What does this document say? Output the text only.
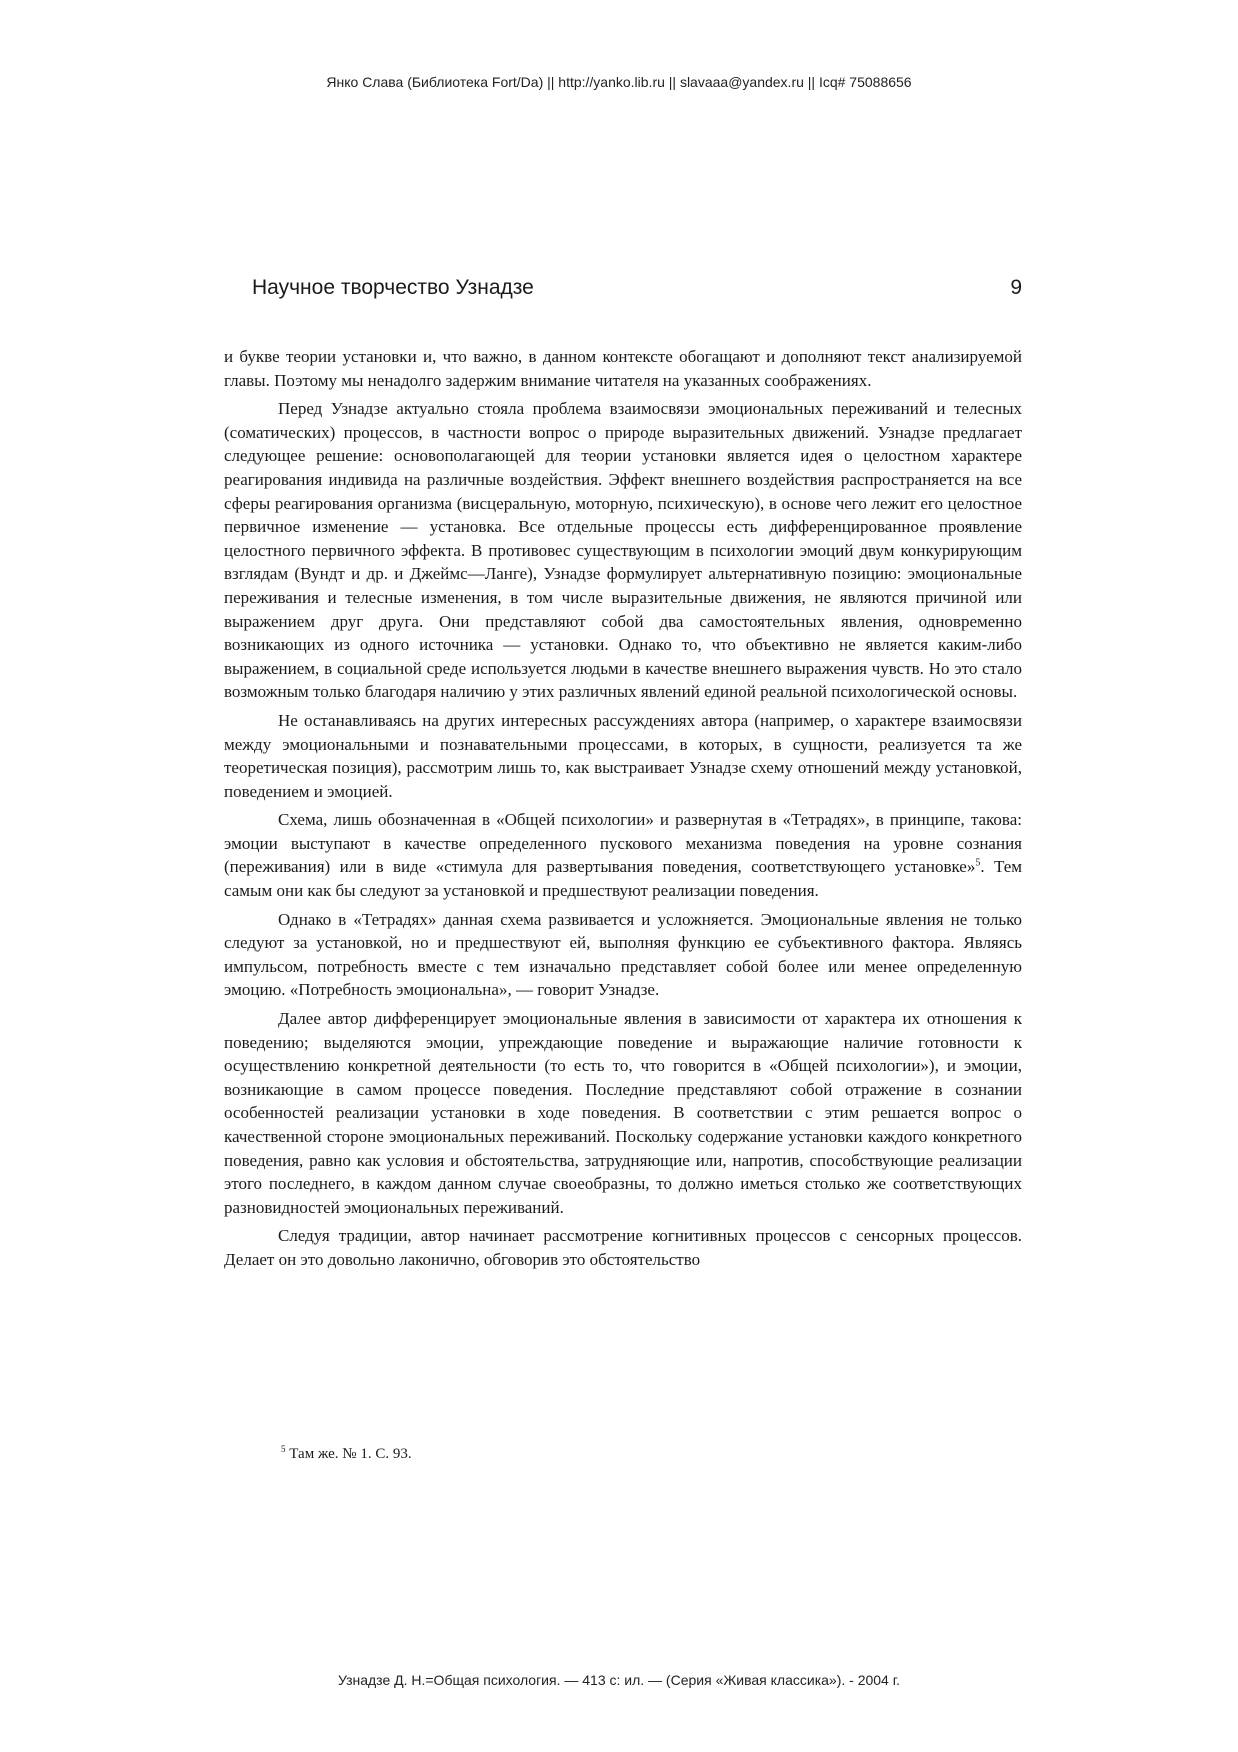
Янко Слава (Библиотека Fort/Da) || http://yanko.lib.ru || slavaaa@yandex.ru || Icq# 75088656
Научное творчество Узнадзе	9

и букве теории установки и, что важно, в данном контексте обогащают и дополняют текст анализируемой главы. Поэтому мы ненадолго задержим внимание читателя на указанных соображениях.

Перед Узнадзе актуально стояла проблема взаимосвязи эмоциональных переживаний и телесных (соматических) процессов, в частности вопрос о природе выразительных движений. Узнадзе предлагает следующее решение: основополагающей для теории установки является идея о целостном характере реагирования индивида на различные воздействия. Эффект внешнего воздействия распространяется на все сферы реагирования организма (висцеральную, моторную, психическую), в основе чего лежит его целостное первичное изменение — установка. Все отдельные процессы есть дифференцированное проявление целостного первичного эффекта. В противовес существующим в психологии эмоций двум конкурирующим взглядам (Вундт и др. и Джеймс—Ланге), Узнадзе формулирует альтернативную позицию: эмоциональные переживания и телесные изменения, в том числе выразительные движения, не являются причиной или выражением друг друга. Они представляют собой два самостоятельных явления, одновременно возникающих из одного источника — установки. Однако то, что объективно не является каким-либо выражением, в социальной среде используется людьми в качестве внешнего выражения чувств. Но это стало возможным только благодаря наличию у этих различных явлений единой реальной психологической основы.

Не останавливаясь на других интересных рассуждениях автора (например, о характере взаимосвязи между эмоциональными и познавательными процессами, в которых, в сущности, реализуется та же теоретическая позиция), рассмотрим лишь то, как выстраивает Узнадзе схему отношений между установкой, поведением и эмоцией.

Схема, лишь обозначенная в «Общей психологии» и развернутая в «Тетрадях», в принципе, такова: эмоции выступают в качестве определенного пускового механизма поведения на уровне сознания (переживания) или в виде «стимула для развертывания поведения, соответствующего установке»$^5$. Тем самым они как бы следуют за установкой и предшествуют реализации поведения.

Однако в «Тетрадях» данная схема развивается и усложняется. Эмоциональные явления не только следуют за установкой, но и предшествуют ей, выполняя функцию ее субъективного фактора. Являясь импульсом, потребность вместе с тем изначально представляет собой более или менее определенную эмоцию. «Потребность эмоциональна», — говорит Узнадзе.

Далее автор дифференцирует эмоциональные явления в зависимости от характера их отношения к поведению; выделяются эмоции, упреждающие поведение и выражающие наличие готовности к осуществлению конкретной деятельности (то есть то, что говорится в «Общей психологии»), и эмоции, возникающие в самом процессе поведения. Последние представляют собой отражение в сознании особенностей реализации установки в ходе поведения. В соответствии с этим решается вопрос о качественной стороне эмоциональных переживаний. Поскольку содержание установки каждого конкретного поведения, равно как условия и обстоятельства, затрудняющие или, напротив, способствующие реализации этого последнего, в каждом данном случае своеобразны, то должно иметься столько же соответствующих разновидностей эмоциональных переживаний.

Следуя традиции, автор начинает рассмотрение когнитивных процессов с сенсорных процессов. Делает он это довольно лаконично, обговорив это обстоятельство

$^5$ Там же. № 1. С. 93.
Узнадзе Д. Н.=Общая психология. — 413 с: ил. — (Серия «Живая классика»). - 2004 г.
